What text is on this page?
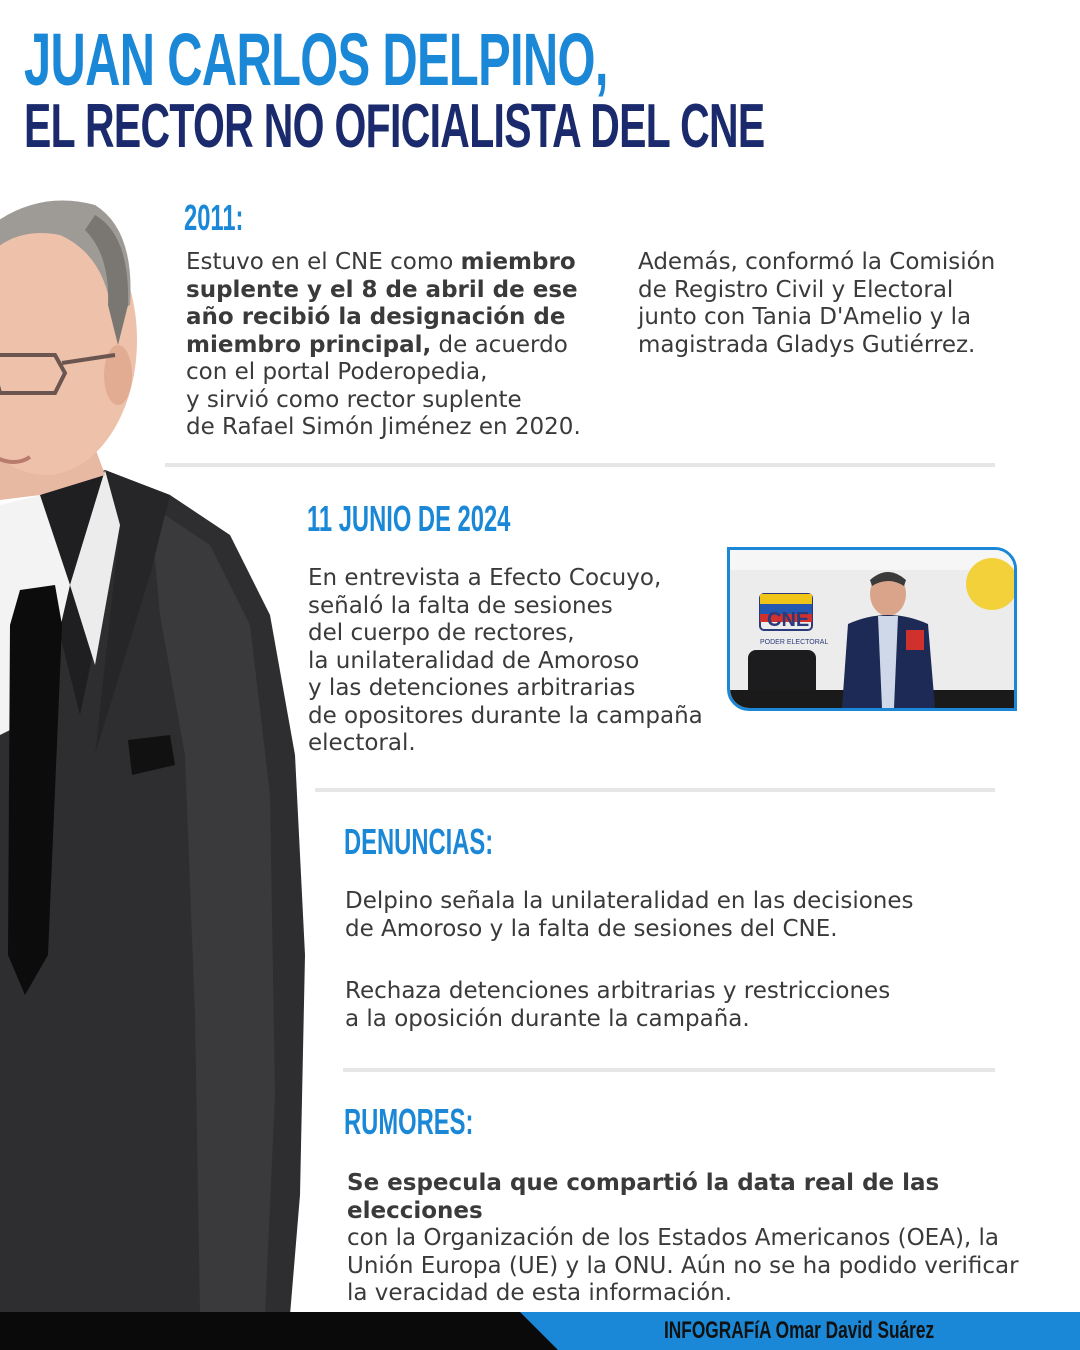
JUAN CARLOS DELPINO,
EL RECTOR NO OFICIALISTA DEL CNE
2011:
Estuvo en el CNE como miembro
suplente y el 8 de abril de ese
año recibió la designación de
miembro principal, de acuerdo
con el portal Poderopedia,
y sirvió como rector suplente
de Rafael Simón Jiménez en 2020.
Además, conformó la Comisión
de Registro Civil y Electoral
junto con Tania D'Amelio y la
magistrada Gladys Gutiérrez.
11 JUNIO DE 2024
En entrevista a Efecto Cocuyo,
señaló la falta de sesiones
del cuerpo de rectores,
la unilateralidad de Amoroso
y las detenciones arbitrarias
de opositores durante la campaña
electoral.
CNE
PODER ELECTORAL
DENUNCIAS:
Delpino señala la unilateralidad en las decisiones
de Amoroso y la falta de sesiones del CNE.
Rechaza detenciones arbitrarias y restricciones
a la oposición durante la campaña.
RUMORES:
Se especula que compartió la data real de las elecciones
con la Organización de los Estados Americanos (OEA), la
Unión Europa (UE) y la ONU. Aún no se ha podido verificar
la veracidad de esta información.
INFOGRAFíA Omar David Suárez
